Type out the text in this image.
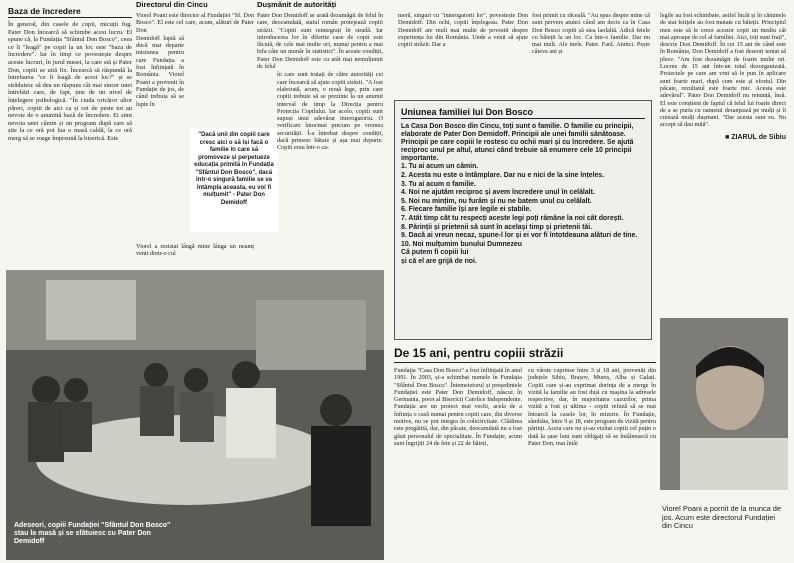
Baza de încredere
În general, din casele de copii, micuții fug. Pater Don încearcă să schimbe acest lucru. El spune că, la Fundația "Sfântul Don Bosco", ceea ce îi "leagă" pe copii la un loc este "baza de încredere". Iar în timp ce povestește despre aceste lucruri, în jurul mesei, la care stă și Pater Don, copiii se uită fix. Încearcă să răspundă la întrebarea "ce îi leagă de acest loc?" și se străduiesc să dea un răspuns cât mai sincer unei întrebări care, de fapt, ține de un nivel de înțelegere psihologică. "În ciuda oricăror altor păreri, copiii de aici ca și cei de peste tot au nevoie de o anumită bază de încredere. Ei simt nevoia unei câmin și un program după care să știe la ce oră pot lua o masă caldă, la ce oră merg să se roage împreună la biserică. Este
Directorul din Cincu
Viorel Poani este director al Fundației "Sf. Don Bosco". El este cel care, acum, alături de Pater Don
Demidoff luptă să ducă mai departe misiunea pentru care Fundația a fost înființată în România. Viorel Poani a provenit în Fundație de jos, de când trebuia să se lupte în
"Dacă unii din copiii care cresc aici o să își facă o familie în care să promoveze și perpetueze educația primită în Fundația "Sfântul Don Bosco", dacă într-o singură familie se va întâmpla aceasta, eu voi fi mulțumit" - Pater Don Demidoff
Viorel a rezistat lângă mine lânga un neamț venit dintr-o cul
Dușmănit de autorități
Pater Don Demidoff se arată dezamăgit de felul în care, deocamdată, statul român protejează copiii străzii. "Copiii sunt reintegrați în stradă. Iar introducerea lor în diferite case de copii este făcută, de cele mai multe ori, numai pentru a mai bifa câte un număr în statistici". În aceste condiții, Pater Don Demidoff este cu atât mai nemulțumit de felul
în care sunt tratați de către autorități cei care încearcă să ajute copiii străzii. "A fost elaborată, acum, o nouă lege, prin care copiii trebuie să se prezinte la un anumit interval de timp la Direcția pentru Protecția Copilului. Iar acolo, copiii sunt supuși unui adevărat interogatoriu. O verificare întocmai precum pe vremea securității. Î-a întrebat despre condiții, dacă primesc bătaie și așa mai departe. Copiii erau într-o ca-
meră, singuri cu "interogatorii lor", povestește Don Demidoff. Din ochi, copiii înțelegeau. Pater Don Demidoff are mult mai multe de povestit despre experiența lui din România. Unde a venit să ajute copiii străzii. Dar a
fost primit cu răceală. "Au spus despre mine că sunt pervers atunci când am decis ca în Casa Don Bosco copiii să stea laolaltă. Adică fetele cu băieții la un loc. Ca într-o familie. Dar nu mai mult. Ale mele. Pater. Fară. Atunci. Pește câteva ani și
legile au fost schimbate, astfel încât și în căminele de stat fetițele au fost mutate cu băieții. Principiul meu este să le creez acestor copii un mediu cât mai aproape de cel al familiei. Aici, toți sunt frați", descrie Don Demidoff. În cei 15 ani de când este în România, Don Demidoff a fost deseori tentat să plece. "Am fost dezamăgit de foarte multe ori. Lucrez de 15 ani într-un total dezorganizată. Proiectele pe care am vrut să le pun în aplicare sunt foarte mari, după cum este și efortul. Din păcate, rezultatul este foarte mic. Acesta este adevărul". Pater Don Demidoff nu renunță, însă. El este conștient de faptul că felul lui foarte direct de a se purta cu oamenii deranjează pe mulți și îi creează mulți dușmani. "Dar acesta sunt eu. Nu accept să dau mită".
■ ZIARUL de Sibiu
Uniunea familiei lui Don Bosco
La Casa Don Bosco din Cincu, toți sunt o familie. O familie cu principii, elaborate de Pater Don Demidoff. Principii ale unei familii sănătoase. Principii pe care copiii le rostesc cu ochii mari și cu încredere. Se ajută reciproc unul pe altul, atunci când trebuie să enumere cele 10 principii importante.

1. Tu ai acum un cămin.

2. Acesta nu este o întâmplare. Dar nu e nici de la sine înțeles.

3. Tu ai acum o familie.

4. Noi ne ajutăm reciproc și avem încredere unul în celălalt.

5. Noi nu mințim, nu furăm și nu ne batem unul cu celălalt.

6. Fiecare familie își are legile ei stabile.

7. Atât timp cât tu respecți aceste legi poți rămâne la noi cât dorești.

8. Părinții și prietenii să sunt în același timp și prietenii tăi.

9. Dacă ai vreun necaz, spune-l lor și ei vor fi întotdeauna alături de tine.

10. Noi mulțumim bunului Dumnezeu

Că putem fi copiii lui

și că el are grijă de noi.

De 15 ani, pentru copiii străzii
Fundația "Casa Don Bosco" a fost înființată în anul 1991. În 2003, și-a schimbat numele în Fundația "Sfântul Don Bosco". Întemeietorul și președintele Fundației este Pater Don Demidoff, născut în Germania, preot al Bisericii Catolice Independente. Fundația are un proiect mai vechi, acela de a înființa o casă numai pentru copiii care, din diverse motive, nu se pot integra în colectivitate. Clădirea este pregătită, dar, din păcate, deocamdată nu a fost găsit personalul de specialitate. În Fundație, acum sunt îngrijiți 24 de fete și 22 de băieți,
cu vârste cuprinse între 3 și 18 ani, proveniți din județele Sibiu, Brașov, Mureș, Alba și Galați. Copiii care și-au exprimat dorința de a merge în vizită la familie au fost duși cu mașina la adresele respective, dar, în majoritatea cazurilor, prima vizită a fost și ultima - copiii refuză să se mai întoarcă la casele lor, în mizerie. În Fundație, sâmbăta, între 9 și 18, este program de vizită pentru părinți. Aceia care nu și-au vizitat copiii cel puțin o dată la șase luni sunt obligați să se întâlnească cu Pater Don, mai întâi
Adeseori, copiii Fundației "Sfântul Don Bosco" stau la masă și se sfătuiesc cu Pater Don Demidoff
Viorel Poani a pornit de la munca de jos. Acum este directorul Fundației din Cincu
